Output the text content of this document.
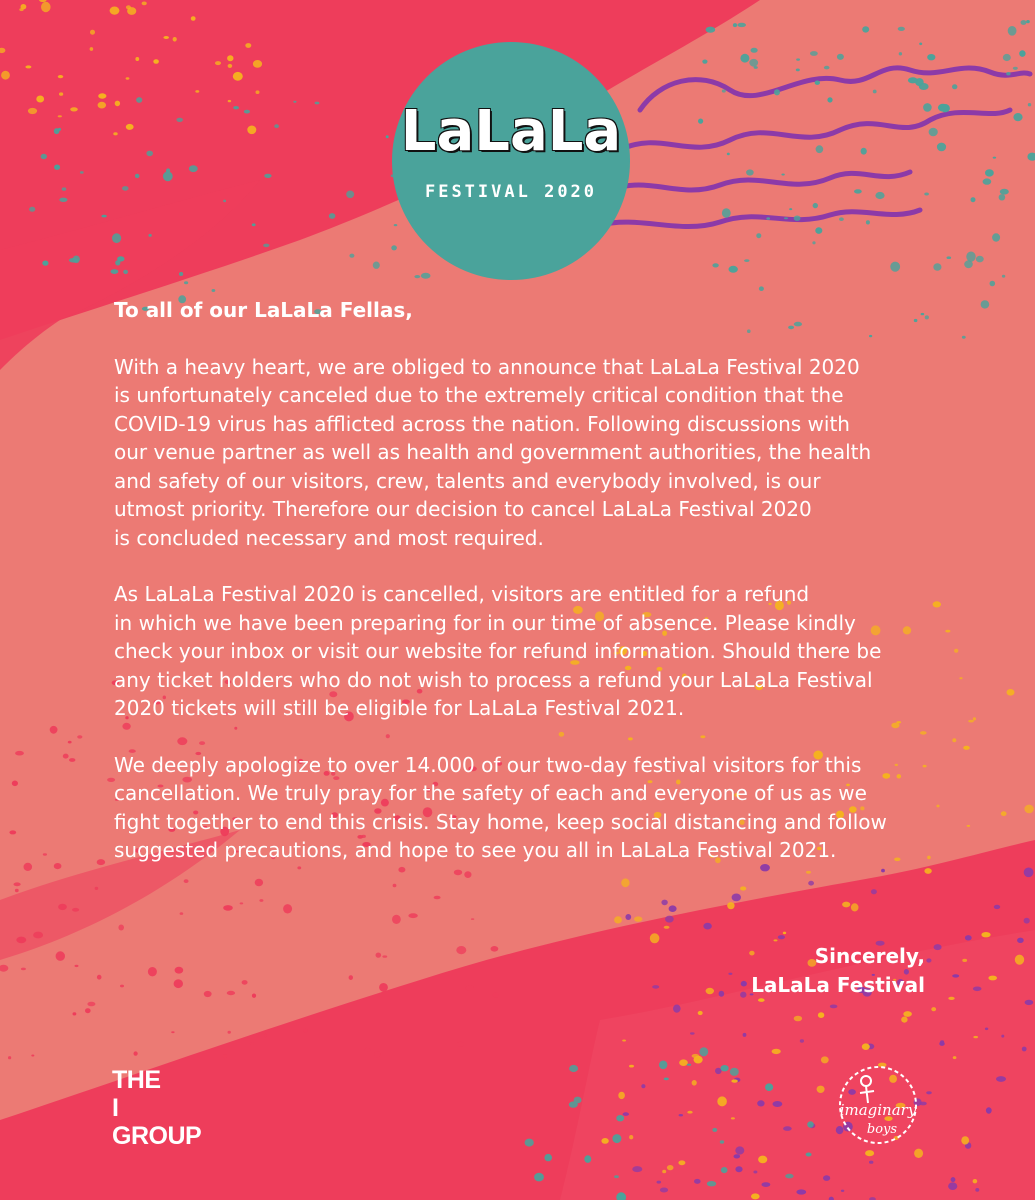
LaLaLa
FESTIVAL 2020

To all of our LaLaLa Fellas,

With a heavy heart, we are obliged to announce that LaLaLa Festival 2020
is unfortunately canceled due to the extremely critical condition that the
COVID-19 virus has afflicted across the nation. Following discussions with
our venue partner as well as health and government authorities, the health
and safety of our visitors, crew, talents and everybody involved, is our
utmost priority. Therefore our decision to cancel LaLaLa Festival 2020
is concluded necessary and most required.

As LaLaLa Festival 2020 is cancelled, visitors are entitled for a refund
in which we have been preparing for in our time of absence. Please kindly
check your inbox or visit our website for refund information. Should there be
any ticket holders who do not wish to process a refund your LaLaLa Festival
2020 tickets will still be eligible for LaLaLa Festival 2021.

We deeply apologize to over 14.000 of our two-day festival visitors for this
cancellation. We truly pray for the safety of each and everyone of us as we
fight together to end this crisis. Stay home, keep social distancing and follow
suggested precautions, and hope to see you all in LaLaLa Festival 2021.

Sincerely,
LaLaLa Festival
THE
I
GROUP
imaginary
boys
